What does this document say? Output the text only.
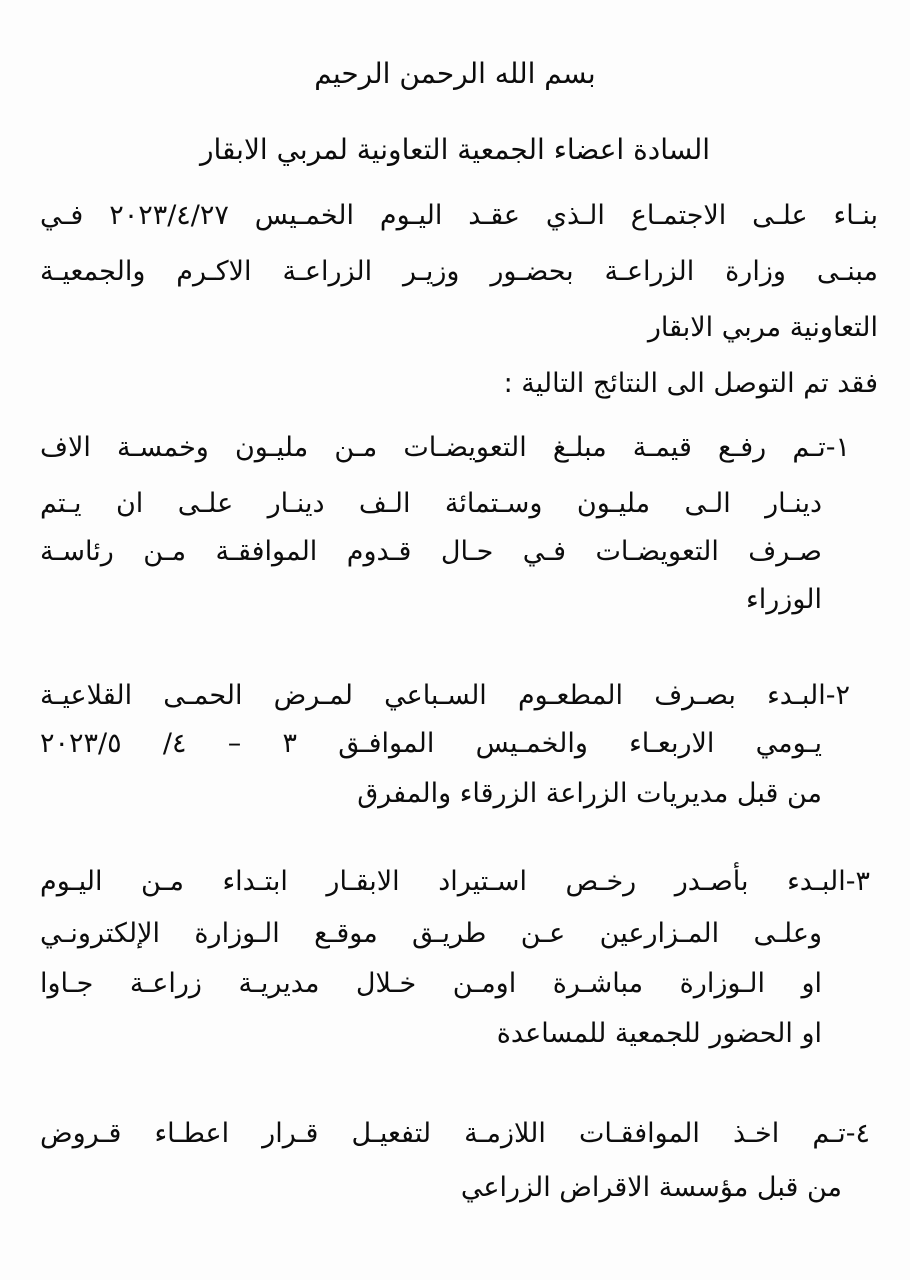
بسم الله الرحمن الرحيم
السادة اعضاء الجمعية التعاونية لمربي الابقار
بنـاء علـى الاجتمـاع الـذي عقـد اليـوم الخمـيس ٢٠٢٣/٤/٢٧ فـي
مبنـى وزارة الزراعـة بحضـور وزيـر الزراعـة الاكـرم والجمعيـة
التعاونية مربي الابقار
فقد تم التوصل الى النتائج التالية :
١-تـم رفـع قيمـة مبلـغ التعويضـات مـن مليـون وخمسـة الاف
دينـار الـى مليـون وسـتمائة الـف دينـار علـى ان يـتم
صـرف التعويضـات فـي حـال قـدوم الموافقـة مـن رئاسـة
الوزراء
٢-البـدء بصـرف المطعـوم السـباعي لمـرض الحمـى القلاعيـة
يـومي الاربعـاء والخمـيس الموافـق ٣ – ٤/ ٢٠٢٣/٥
من قبل مديريات الزراعة الزرقاء والمفرق
٣-البـدء بأصـدر رخـص اسـتيراد الابقـار ابتـداء مـن اليـوم
وعلـى المـزارعين عـن طريـق موقـع الـوزارة الإلكترونـي
او الـوزارة مباشـرة اومـن خـلال مديريـة زراعـة جـاوا
او الحضور للجمعية للمساعدة
٤-تـم اخـذ الموافقـات اللازمـة لتفعيـل قـرار اعطـاء قـروض
من قبل مؤسسة الاقراض الزراعي
